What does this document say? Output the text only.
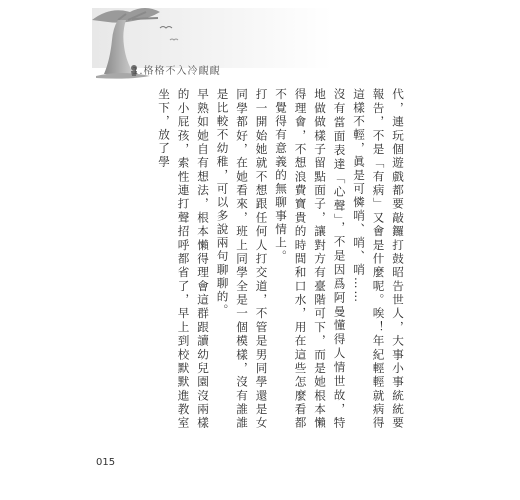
1.格格不入冷靦靦

代，連玩個遊戲都要敲鑼打鼓昭告世人，大事小事統統要報告，不是「有病」又會是什麼呢。唉！年紀輕輕就病得這樣不輕，眞是可憐哨、哨、哨……

沒有當面表達「心聲」，不是因爲阿曼懂得人情世故，特地做做樣子留點面子，讓對方有臺階可下，而是她根本懶得理會，不想浪費寶貴的時間和口水，用在這些怎麼看都不覺得有意義的無聊事情上。

打一開始她就不想跟任何人打交道，不管是男同學還是女同學都好，在她看來，班上同學全是一個模樣，沒有誰誰是比較不幼稚，可以多說兩句聊聊的。

早熟如她自有想法，根本懶得理會這群跟讀幼兒園沒兩樣的小屁孩，索性連打聲招呼都省了，早上到校默默進教室坐下，放了學

015
